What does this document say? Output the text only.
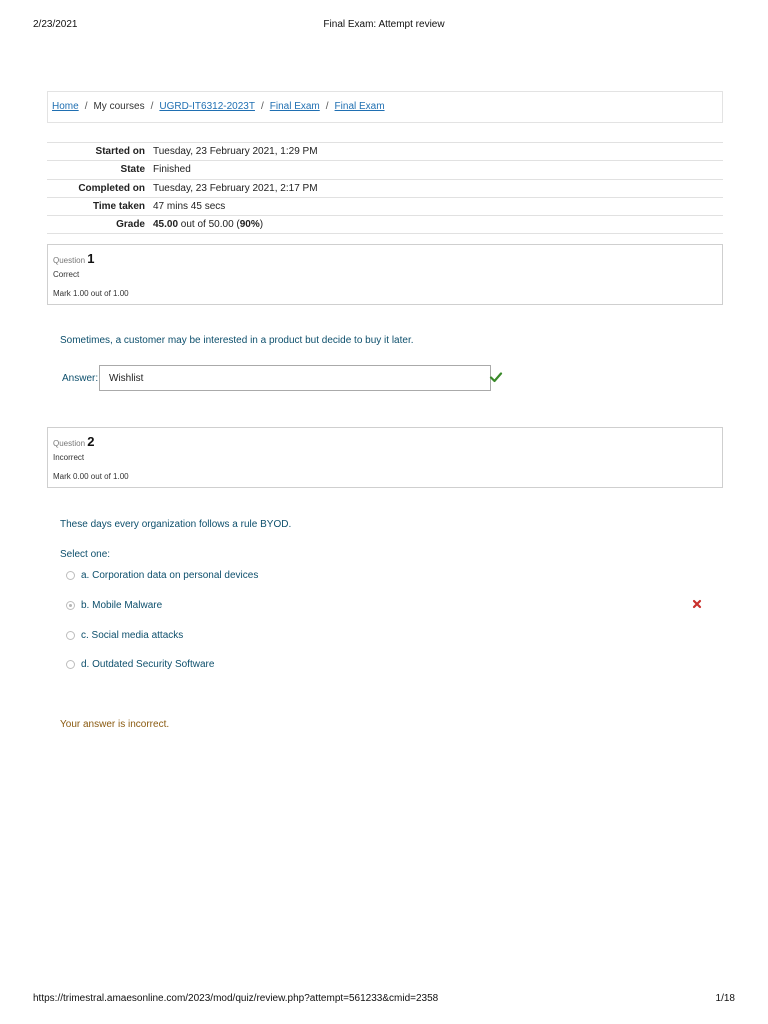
2/23/2021	Final Exam: Attempt review
Home / My courses / UGRD-IT6312-2023T / Final Exam / Final Exam
Started on	Tuesday, 23 February 2021, 1:29 PM
State	Finished
Completed on	Tuesday, 23 February 2021, 2:17 PM
Time taken	47 mins 45 secs
Grade	45.00 out of 50.00 (90%)
Question 1
Correct
Mark 1.00 out of 1.00
Sometimes, a customer may be interested in a product but decide to buy it later.
Answer:
Wishlist
Question 2
Incorrect
Mark 0.00 out of 1.00
These days every organization follows a rule BYOD.
Select one:
a. Corporation data on personal devices
b. Mobile Malware
c. Social media attacks
d. Outdated Security Software
Your answer is incorrect.
https://trimestral.amaesonline.com/2023/mod/quiz/review.php?attempt=561233&cmid=2358	1/18
